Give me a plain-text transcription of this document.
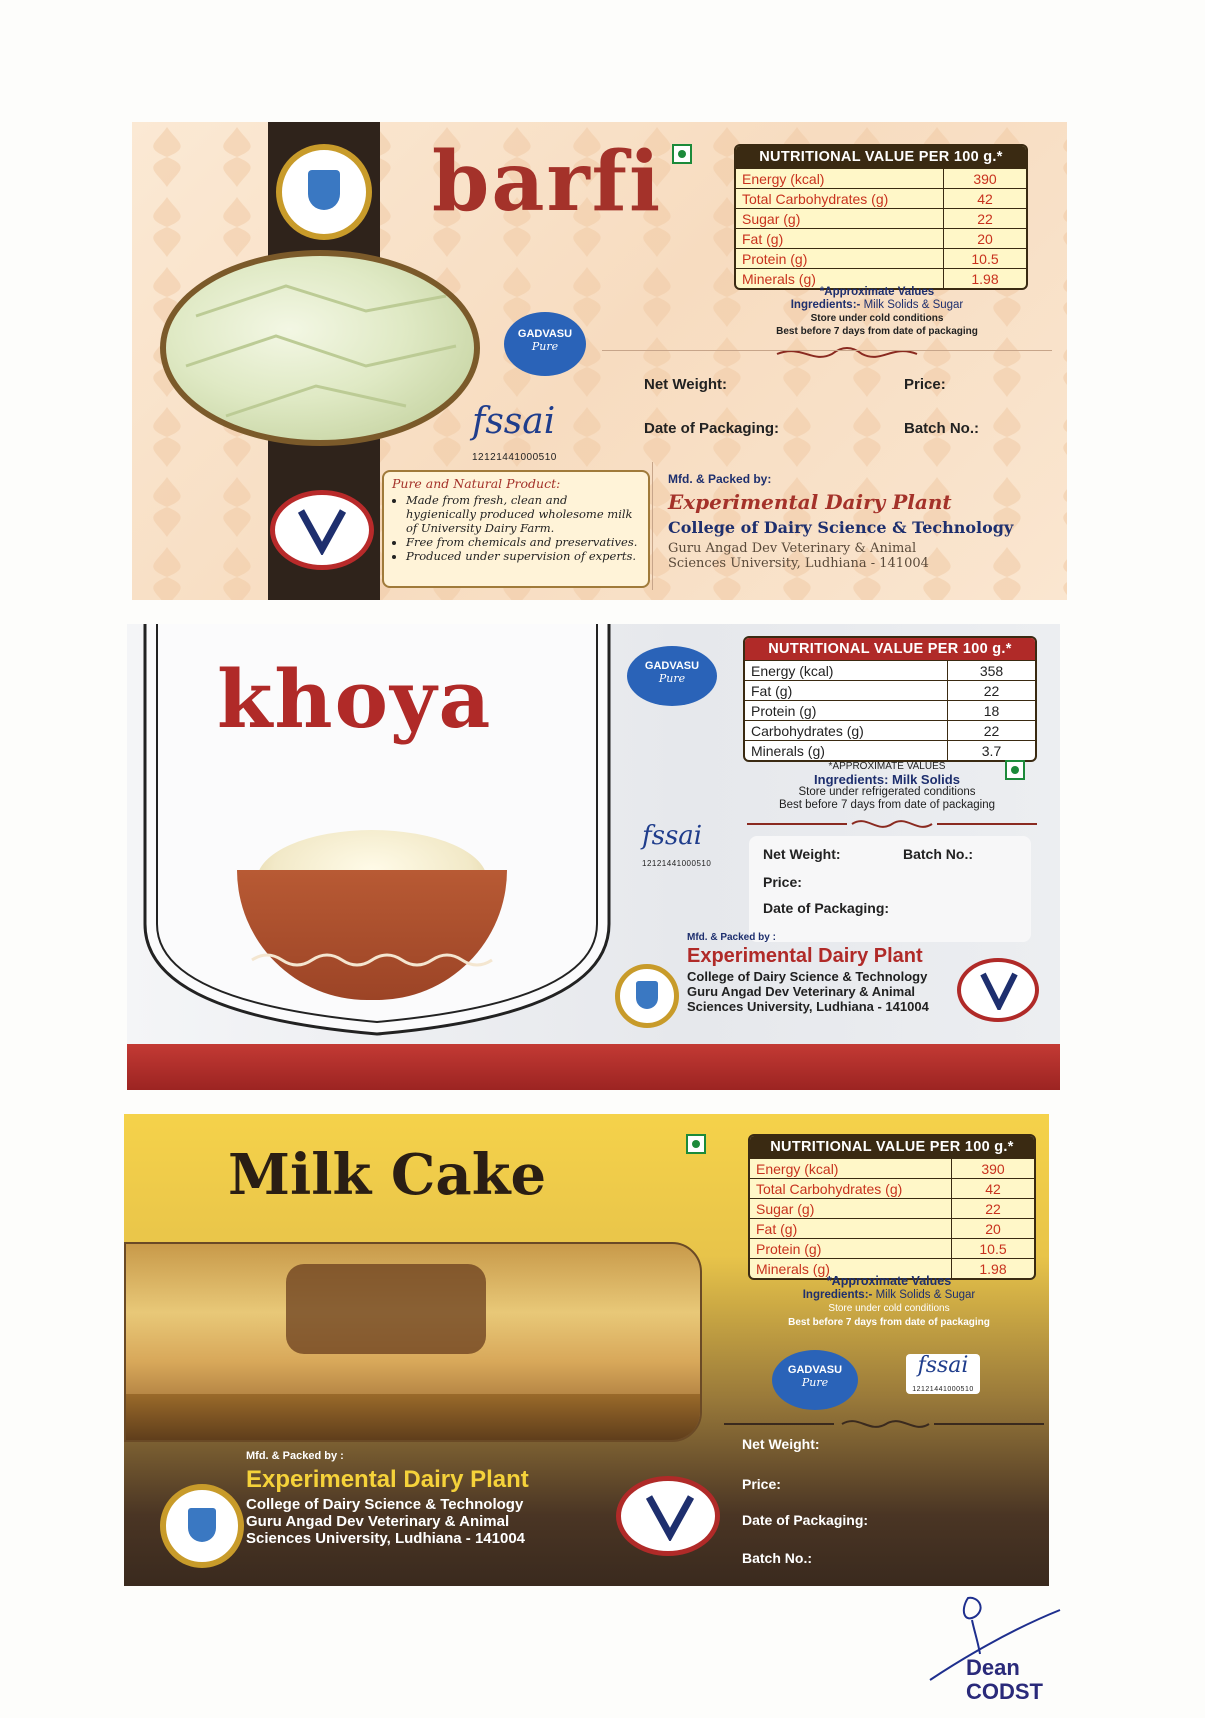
barfi	NUTRITIONAL VALUE PER 100 g.*
Energy (kcal)	390
Total Carbohydrates (g)	42
Sugar (g)	22
Fat (g)	20
Protein (g)	10.5
Minerals (g)	1.98
*Approximate Values
Ingredients:- Milk Solids & Sugar
Store under cold conditions
Best before 7 days from date of packaging
GADVASU
Pure
fssai
12121441000510
Net Weight:	Price:
Date of Packaging:	Batch No.:
Pure and Natural Product:
• Made from fresh, clean and hygienically produced wholesome milk of University Dairy Farm.
• Free from chemicals and preservatives.
• Produced under supervision of experts.
Mfd. & Packed by:
Experimental Dairy Plant
College of Dairy Science & Technology
Guru Angad Dev Veterinary & Animal
Sciences University, Ludhiana - 141004
khoya	GADVASU
Pure
NUTRITIONAL VALUE PER 100 g.*
Energy (kcal)	358
Fat (g)	22
Protein (g)	18
Carbohydrates (g)	22
Minerals (g)	3.7
*APPROXIMATE VALUES
Ingredients: Milk Solids
Store under refrigerated conditions
Best before 7 days from date of packaging
fssai
12121441000510
Net Weight:	Batch No.:
Price:
Date of Packaging:
Mfd. & Packed by :
Experimental Dairy Plant
College of Dairy Science & Technology
Guru Angad Dev Veterinary & Animal
Sciences University, Ludhiana - 141004
Milk Cake	NUTRITIONAL VALUE PER 100 g.*
Energy (kcal)	390
Total Carbohydrates (g)	42
Sugar (g)	22
Fat (g)	20
Protein (g)	10.5
Minerals (g)	1.98
*Approximate Values
Ingredients:- Milk Solids & Sugar
Store under cold conditions
Best before 7 days from date of packaging
GADVASU
Pure
fssai
12121441000510
Net Weight:
Price:
Date of Packaging:
Batch No.:
Mfd. & Packed by :
Experimental Dairy Plant
College of Dairy Science & Technology
Guru Angad Dev Veterinary & Animal
Sciences University, Ludhiana - 141004
Dean
CODST
